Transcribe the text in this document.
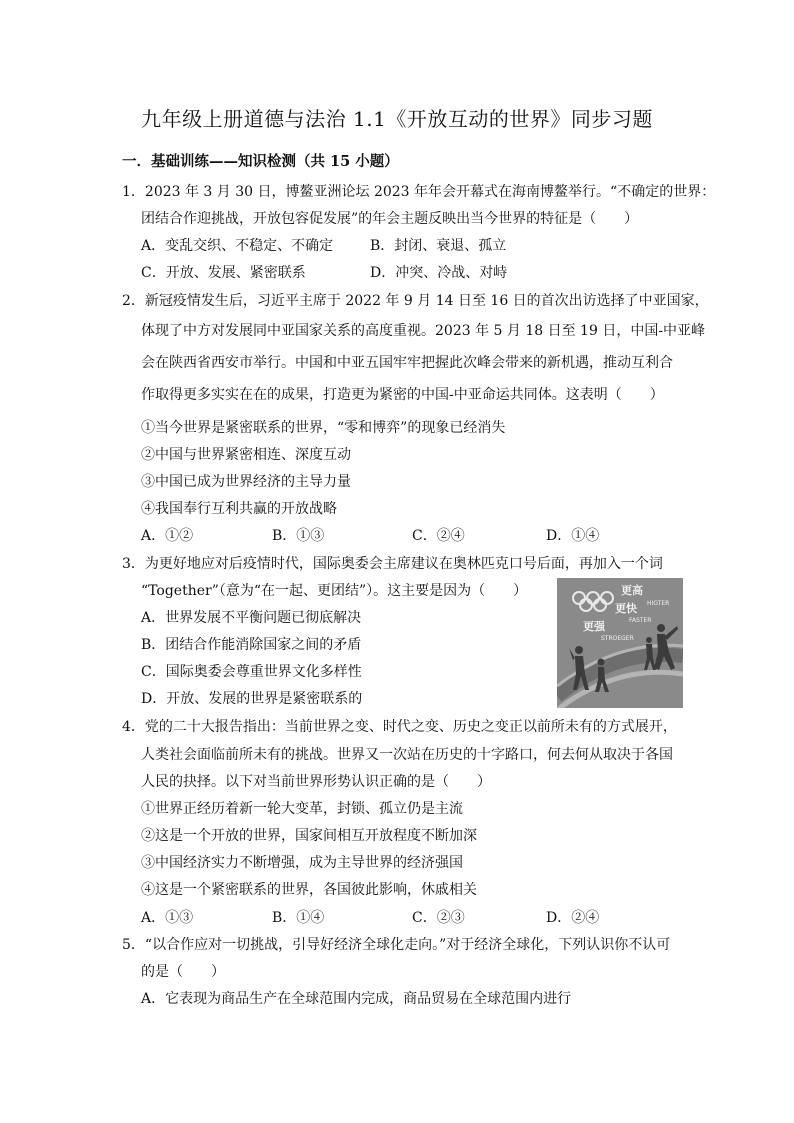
九年级上册道德与法治 1.1《开放互动的世界》同步习题
一．基础训练——知识检测（共 15 小题）
1．2023 年 3 月 30 日，博鳌亚洲论坛 2023 年年会开幕式在海南博鳌举行。“不确定的世界：
团结合作迎挑战，开放包容促发展”的年会主题反映出当今世界的特征是（　　）
A．变乱交织、不稳定、不确定	B．封闭、衰退、孤立
C．开放、发展、紧密联系	D．冲突、冷战、对峙
2．新冠疫情发生后，习近平主席于 2022 年 9 月 14 日至 16 日的首次出访选择了中亚国家，
体现了中方对发展同中亚国家关系的高度重视。2023 年 5 月 18 日至 19 日，中国-中亚峰
会在陕西省西安市举行。中国和中亚五国牢牢把握此次峰会带来的新机遇，推动互利合
作取得更多实实在在的成果，打造更为紧密的中国-中亚命运共同体。这表明（　　）
①当今世界是紧密联系的世界，“零和博弈”的现象已经消失
②中国与世界紧密相连、深度互动
③中国已成为世界经济的主导力量
④我国奉行互利共赢的开放战略
A．①②	B．①③	C．②④	D．①④
3．为更好地应对后疫情时代，国际奥委会主席建议在奥林匹克口号后面，再加入一个词
“Together”（意为“在一起、更团结”）。这主要是因为（　　）
A．世界发展不平衡问题已彻底解决
B．团结合作能消除国家之间的矛盾
C．国际奥委会尊重世界文化多样性
D．开放、发展的世界是紧密联系的
更高
HIGTER
更快
FASTER
更强
STROEGER
4．党的二十大报告指出：当前世界之变、时代之变、历史之变正以前所未有的方式展开，
人类社会面临前所未有的挑战。世界又一次站在历史的十字路口，何去何从取决于各国
人民的抉择。以下对当前世界形势认识正确的是（　　）
①世界正经历着新一轮大变革，封锁、孤立仍是主流
②这是一个开放的世界，国家间相互开放程度不断加深
③中国经济实力不断增强，成为主导世界的经济强国
④这是一个紧密联系的世界，各国彼此影响，休戚相关
A．①③	B．①④	C．②③	D．②④
5．“以合作应对一切挑战，引导好经济全球化走向。”对于经济全球化，下列认识你不认可
的是（　　）
A．它表现为商品生产在全球范围内完成，商品贸易在全球范围内进行
